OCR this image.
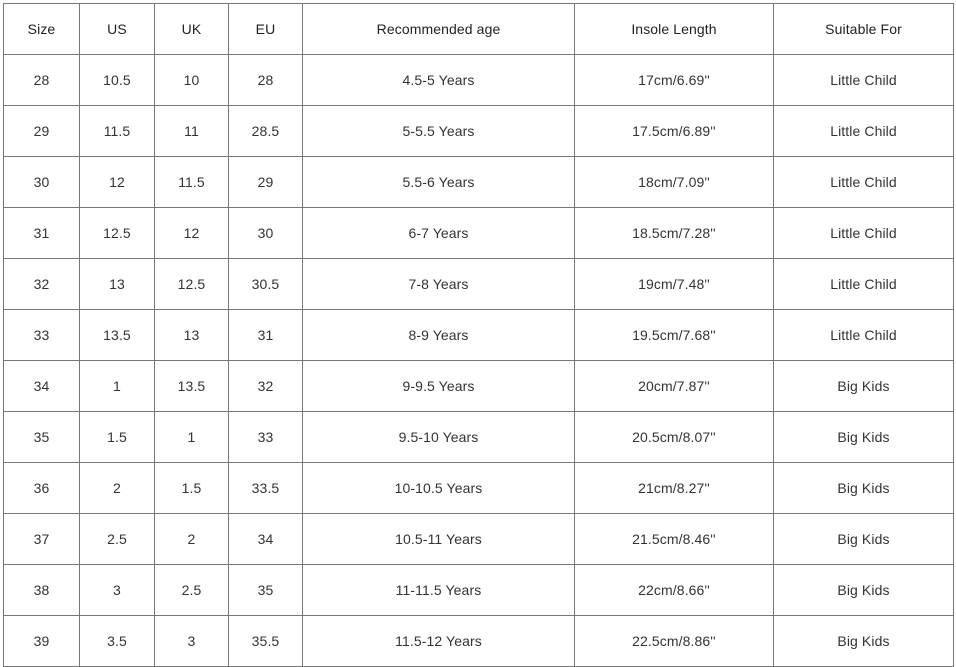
Size	US	UK	EU	Recommended age	Insole Length	Suitable For
28	10.5	10	28	4.5-5 Years	17cm/6.69''	Little Child
29	11.5	11	28.5	5-5.5 Years	17.5cm/6.89''	Little Child
30	12	11.5	29	5.5-6 Years	18cm/7.09''	Little Child
31	12.5	12	30	6-7 Years	18.5cm/7.28''	Little Child
32	13	12.5	30.5	7-8 Years	19cm/7.48''	Little Child
33	13.5	13	31	8-9 Years	19.5cm/7.68''	Little Child
34	1	13.5	32	9-9.5 Years	20cm/7.87''	Big Kids
35	1.5	1	33	9.5-10 Years	20.5cm/8.07''	Big Kids
36	2	1.5	33.5	10-10.5 Years	21cm/8.27''	Big Kids
37	2.5	2	34	10.5-11 Years	21.5cm/8.46''	Big Kids
38	3	2.5	35	11-11.5 Years	22cm/8.66''	Big Kids
39	3.5	3	35.5	11.5-12 Years	22.5cm/8.86''	Big Kids
